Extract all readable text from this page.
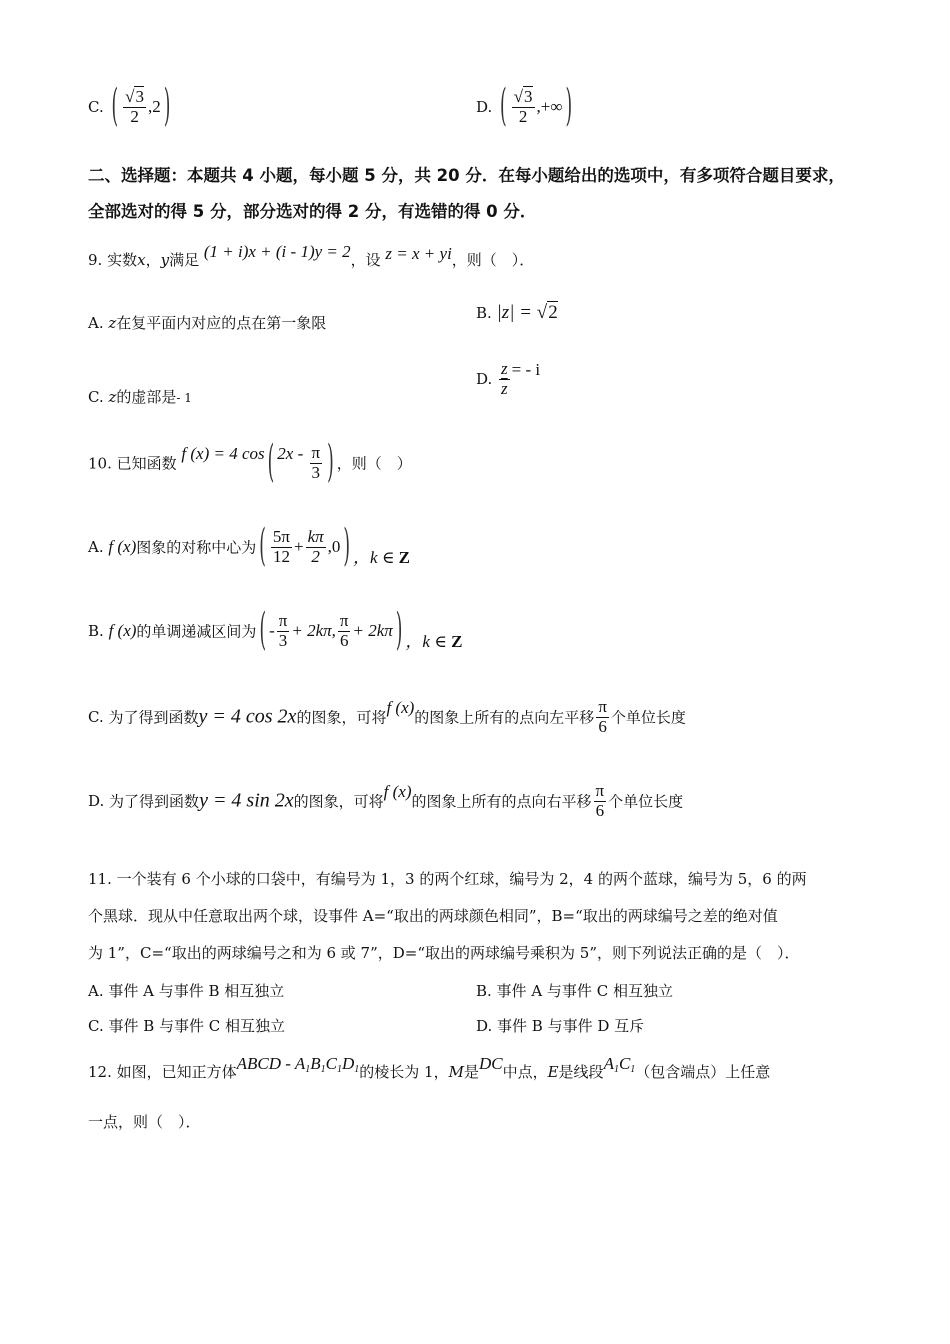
C. ( $\frac{√3}{2} ,2$ )	D. ( $\frac{√3}{2}$ ,+∞ )
二、选择题：本题共 4 小题，每小题 5 分，共 20 分．在每小题给出的选项中，有多项符合题目要求，全部选对的得 5 分，部分选对的得 2 分，有选错的得 0 分．
9. 实数x，y满足 (1 + i)x + (i - 1)y = 2，设 z = x + yi，则（　）．
A. z在复平面内对应的点在第一象限
B. |z| = √2
C. z的虚部是- 1
D. $\frac{z}{z}$ = - i
10. 已知函数 f (x) = 4 cos ( $2x - \frac{\pi}{3}$ ) ，则（　）
A. f (x)图象的对称中心为 ( $\frac{5\pi}{12} + \frac{k\pi}{2} ,0$ ) ，k ∈ Z
B. f (x)的单调递减区间为 ( - $\frac{\pi}{3} + 2k\pi$, $\frac{\pi}{6} + 2k\pi$ ) ，k ∈ Z
C. 为了得到函数y = 4 cos 2x的图象，可将f (x)的图象上所有的点向左平移 $\frac{\pi}{6}$ 个单位长度
D. 为了得到函数y = 4 sin 2x的图象，可将f (x)的图象上所有的点向右平移 $\frac{\pi}{6}$ 个单位长度
11. 一个装有 6 个小球的口袋中，有编号为 1，3 的两个红球，编号为 2，4 的两个蓝球，编号为 5，6 的两
个黑球．现从中任意取出两个球，设事件 A=“取出的两球颜色相同”，B=“取出的两球编号之差的绝对值
为 1”，C=“取出的两球编号之和为 6 或 7”，D=“取出的两球编号乘积为 5”，则下列说法正确的是（　）．
A. 事件 A 与事件 B 相互独立	B. 事件 A 与事件 C 相互独立
C. 事件 B 与事件 C 相互独立	D. 事件 B 与事件 D 互斥
12. 如图，已知正方体ABCD - $A_1B_1C_1D_1$的棱长为 1，M是DC中点，E是线段$A_1C_1$（包含端点）上任意
一点，则（　）．
